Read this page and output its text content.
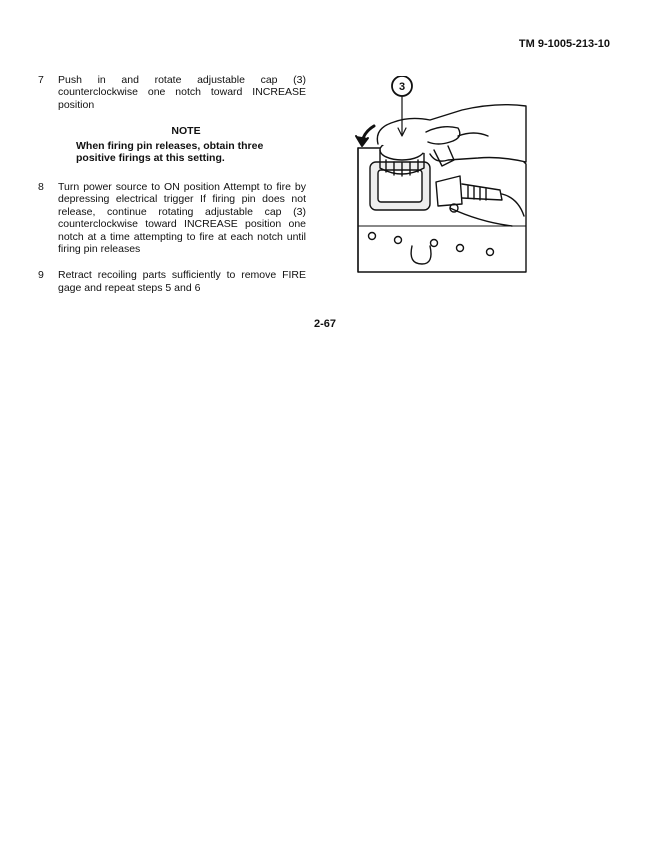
TM 9-1005-213-10
7	Push in and rotate adjustable cap (3) counterclockwise one notch toward INCREASE position
NOTE
When firing pin releases, obtain three positive firings at this setting.
8	Turn power source to ON position Attempt to fire by depressing electrical trigger If firing pin does not release, continue rotating adjustable cap (3) counterclockwise toward INCREASE position one notch at a time attempting to fire at each notch until firing pin releases
9	Retract recoiling parts sufficiently to remove FIRE gage and repeat steps 5 and 6
3
2-67
